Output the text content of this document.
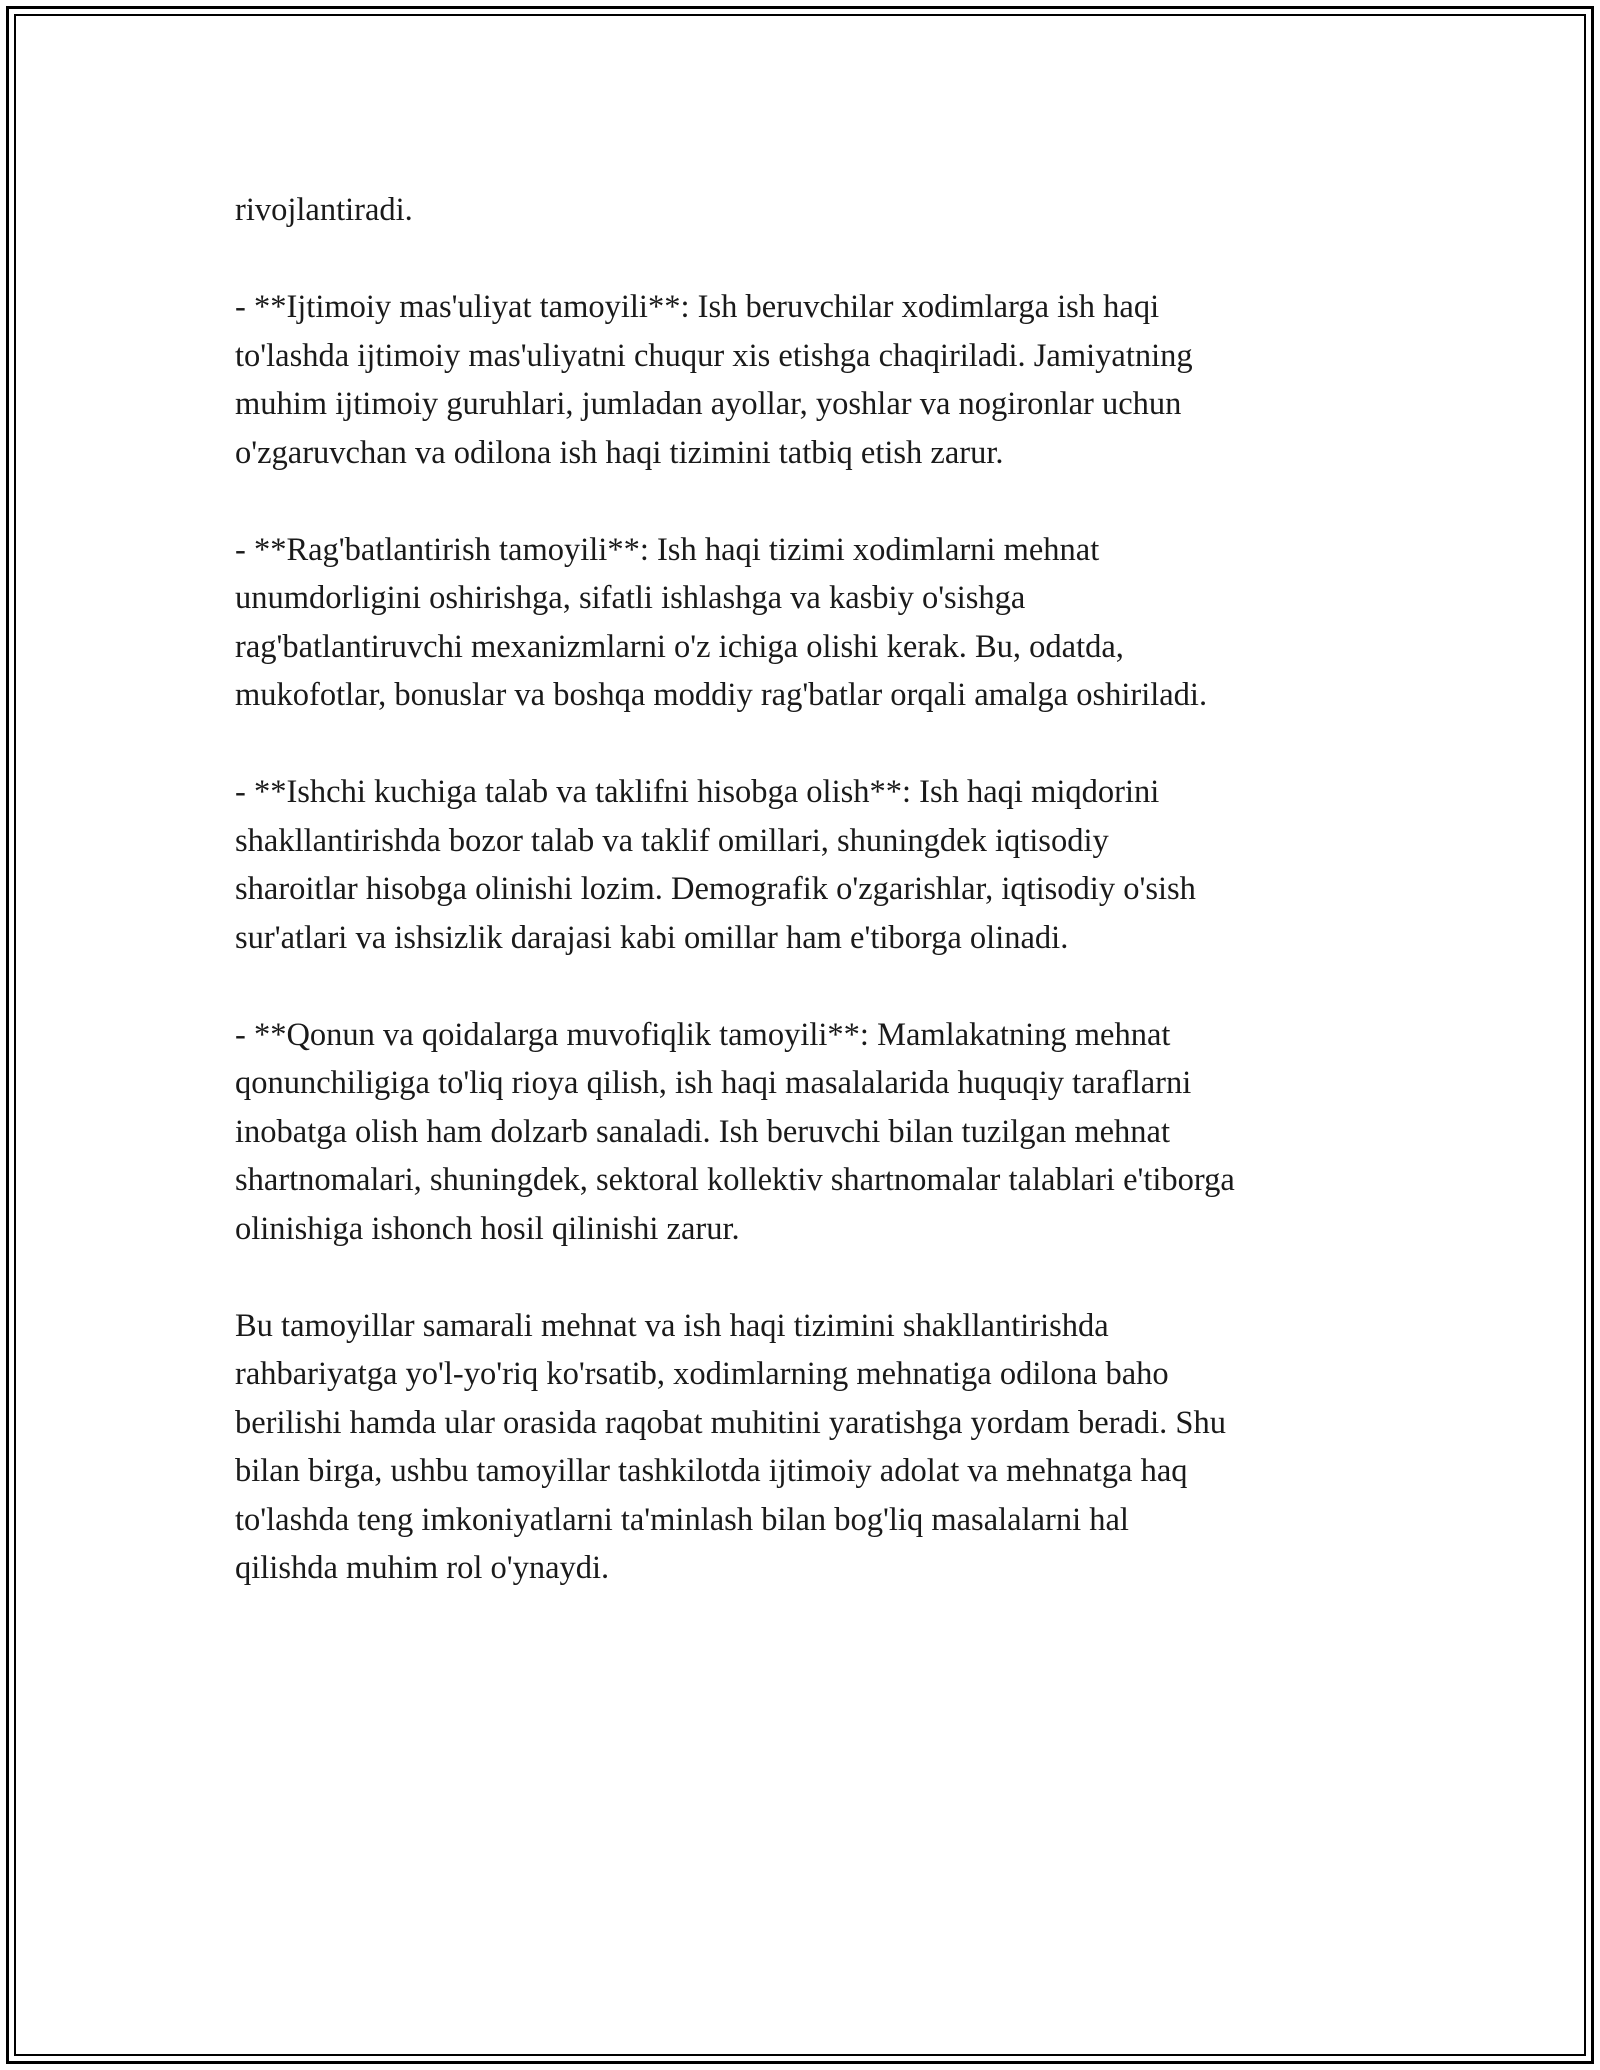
rivojlantiradi.

- **Ijtimoiy mas'uliyat tamoyili**: Ish beruvchilar xodimlarga ish haqi
to'lashda ijtimoiy mas'uliyatni chuqur xis etishga chaqiriladi. Jamiyatning
muhim ijtimoiy guruhlari, jumladan ayollar, yoshlar va nogironlar uchun
o'zgaruvchan va odilona ish haqi tizimini tatbiq etish zarur.

- **Rag'batlantirish tamoyili**: Ish haqi tizimi xodimlarni mehnat
unumdorligini oshirishga, sifatli ishlashga va kasbiy o'sishga
rag'batlantiruvchi mexanizmlarni o'z ichiga olishi kerak. Bu, odatda,
mukofotlar, bonuslar va boshqa moddiy rag'batlar orqali amalga oshiriladi.

- **Ishchi kuchiga talab va taklifni hisobga olish**: Ish haqi miqdorini
shakllantirishda bozor talab va taklif omillari, shuningdek iqtisodiy
sharoitlar hisobga olinishi lozim. Demografik o'zgarishlar, iqtisodiy o'sish
sur'atlari va ishsizlik darajasi kabi omillar ham e'tiborga olinadi.

- **Qonun va qoidalarga muvofiqlik tamoyili**: Mamlakatning mehnat
qonunchiligiga to'liq rioya qilish, ish haqi masalalarida huquqiy taraflarni
inobatga olish ham dolzarb sanaladi. Ish beruvchi bilan tuzilgan mehnat
shartnomalari, shuningdek, sektoral kollektiv shartnomalar talablari e'tiborga
olinishiga ishonch hosil qilinishi zarur.

Bu tamoyillar samarali mehnat va ish haqi tizimini shakllantirishda
rahbariyatga yo'l-yo'riq ko'rsatib, xodimlarning mehnatiga odilona baho
berilishi hamda ular orasida raqobat muhitini yaratishga yordam beradi. Shu
bilan birga, ushbu tamoyillar tashkilotda ijtimoiy adolat va mehnatga haq
to'lashda teng imkoniyatlarni ta'minlash bilan bog'liq masalalarni hal
qilishda muhim rol o'ynaydi.
